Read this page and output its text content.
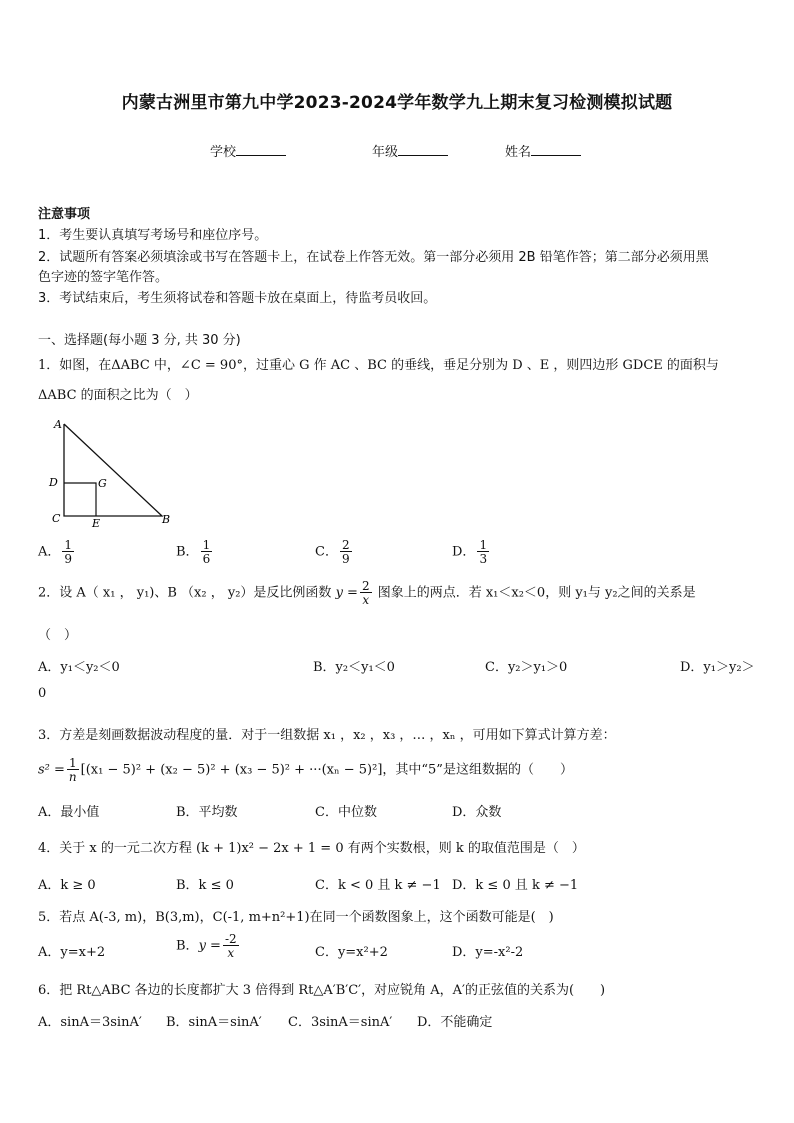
内蒙古洲里市第九中学2023-2024学年数学九上期末复习检测模拟试题
学校	年级	姓名
注意事项
1．考生要认真填写考场号和座位序号。
2．试题所有答案必须填涂或书写在答题卡上，在试卷上作答无效。第一部分必须用 2B 铅笔作答；第二部分必须用黑
色字迹的签字笔作答。
3．考试结束后，考生须将试卷和答题卡放在桌面上，待监考员收回。
一、选择题(每小题 3 分, 共 30 分)
1．如图，在ΔABC 中，∠C = 90°，过重心 G 作 AC 、BC 的垂线，垂足分别为 D 、E ，则四边形 GDCE 的面积与
ΔABC 的面积之比为（　）
A
B
C
D
E
G
A． $\frac{1}{9}$	B． $\frac{1}{6}$	C． $\frac{2}{9}$	D． $\frac{1}{3}$
2．设 A（ x₁ ， y₁)、B （x₂ ， y₂）是反比例函数 $y = \frac{2}{x}$ 图象上的两点．若 x₁＜x₂＜0，则 y₁与 y₂之间的关系是
（　）
A．y₁＜y₂＜0	B．y₂＜y₁＜0	C．y₂＞y₁＞0	D．y₁＞y₂＞
0
3．方差是刻画数据波动程度的量．对于一组数据 x₁ ，x₂ ，x₃ ，… ，xₙ ，可用如下算式计算方差：
$s^2 = \frac{1}{n} [(x_1 - 5)^2 + (x_2 - 5)^2 + (x_3 - 5)^2 + \cdot\cdot\cdot(x_n - 5)^2]$，其中“5”是这组数据的（　　）
A．最小值	B．平均数	C．中位数	D．众数
4．关于 x 的一元二次方程 (k + 1)x² − 2x + 1 = 0 有两个实数根，则 k 的取值范围是（　）
A．k ≥ 0	B．k ≤ 0	C．k < 0 且 k ≠ −1 D．k ≤ 0 且 k ≠ −1
5．若点 A(-3, m)，B(3,m)，C(-1, m+n²+1)在同一个函数图象上，这个函数可能是(　)
A．y=x+2	B．$y = \frac{-2}{x}$	C．y=x²+2	D．y=-x²-2
6．把 Rt△ABC 各边的长度都扩大 3 倍得到 Rt△A′B′C′，对应锐角 A，A′的正弦值的关系为(　　)
A．sinA＝3sinA′ B．sinA＝sinA′ C．3sinA＝sinA′ D．不能确定
